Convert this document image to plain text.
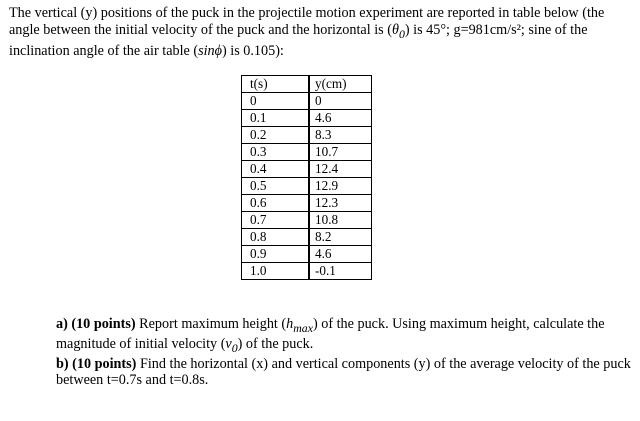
The vertical (y) positions of the puck in the projectile motion experiment are reported in table below (the angle between the initial velocity of the puck and the horizontal is $(\theta_0)$ is 45°; g=981cm/s²; sine of the inclination angle of the air table (sinϕ) is 0.105):

t(s)	y(cm)
0	0
0.1	4.6
0.2	8.3
0.3	10.7
0.4	12.4
0.5	12.9
0.6	12.3
0.7	10.8
0.8	8.2
0.9	4.6
1.0	-0.1

a) (10 points) Report maximum height $(h_{max})$ of the puck. Using maximum height, calculate the magnitude of initial velocity $(v_0)$ of the puck.

b) (10 points) Find the horizontal (x) and vertical components (y) of the average velocity of the puck between t=0.7s and t=0.8s.
